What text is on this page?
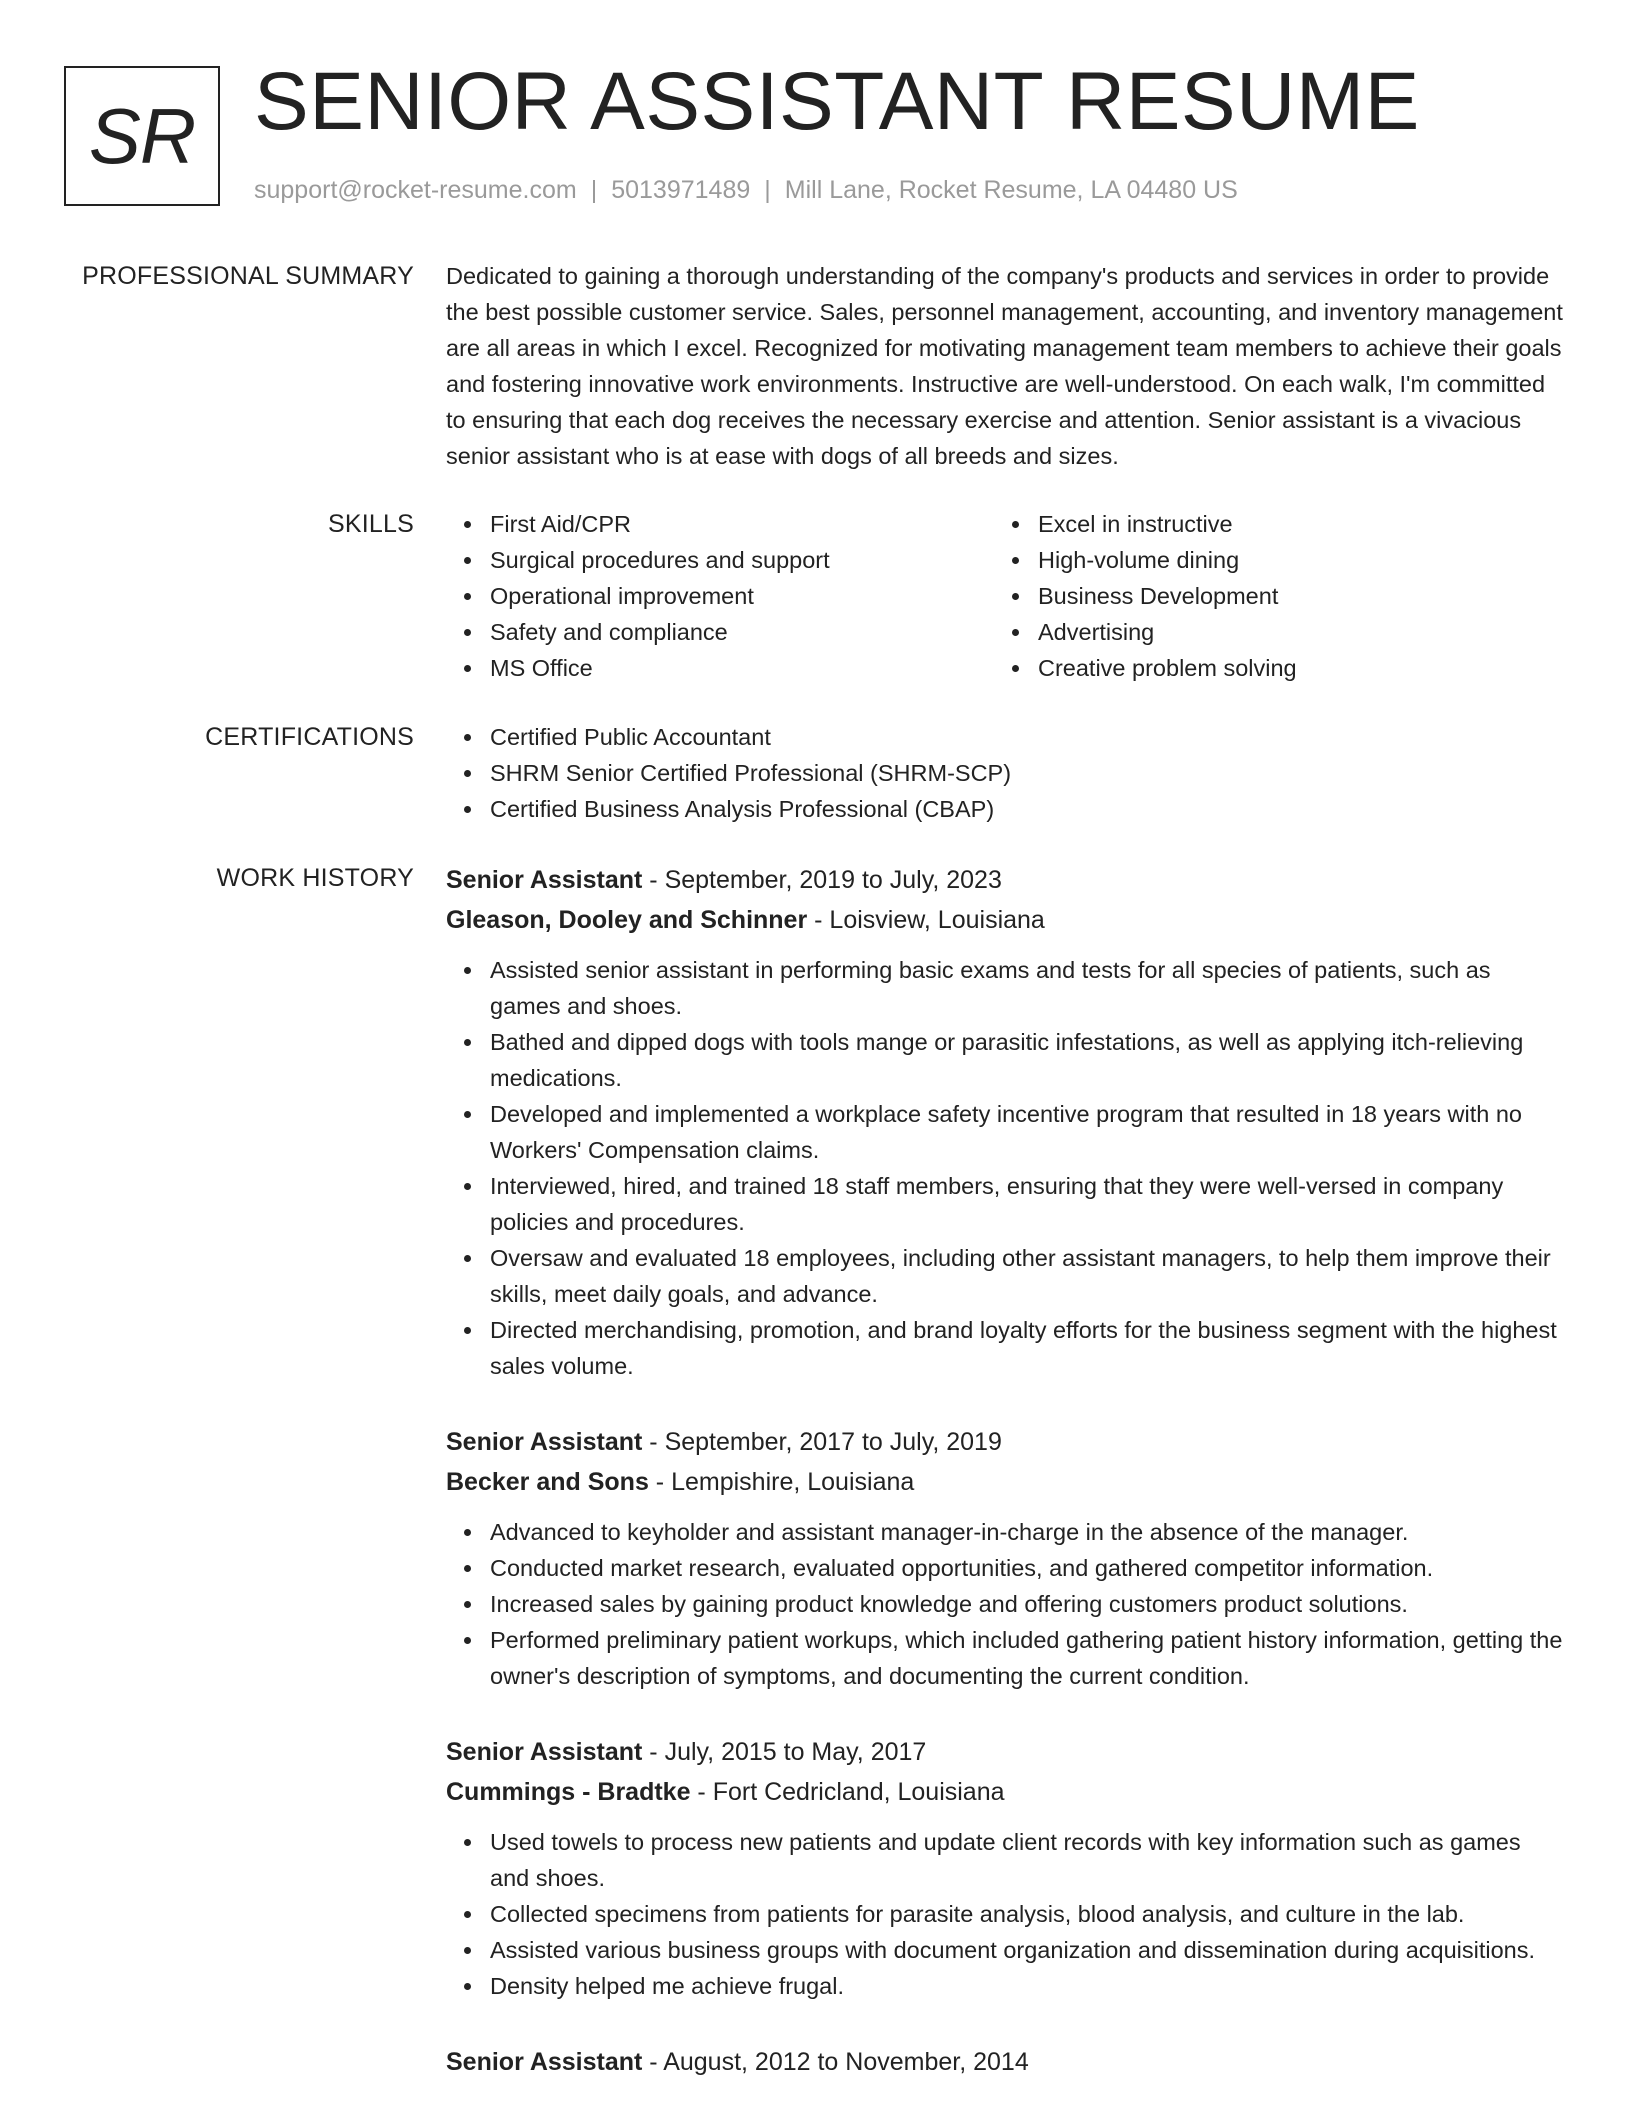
SR SENIOR ASSISTANT RESUME
support@rocket-resume.com | 5013971489 | Mill Lane, Rocket Resume, LA 04480 US
PROFESSIONAL SUMMARY Dedicated to gaining a thorough understanding of the company's products and services in order to provide the best possible customer service. Sales, personnel management, accounting, and inventory management are all areas in which I excel. Recognized for motivating management team members to achieve their goals and fostering innovative work environments. Instructive are well-understood. On each walk, I'm committed to ensuring that each dog receives the necessary exercise and attention. Senior assistant is a vivacious senior assistant who is at ease with dogs of all breeds and sizes.

SKILLS	First Aid/CPR
Surgical procedures and support
Operational improvement
Safety and compliance
MS Office
Excel in instructive
High-volume dining
Business Development
Advertising
Creative problem solving
CERTIFICATIONS	Certified Public Accountant
SHRM Senior Certified Professional (SHRM-SCP)
Certified Business Analysis Professional (CBAP)
WORK HISTORY Senior Assistant - September, 2019 to July, 2023
Gleason, Dooley and Schinner - Loisview, Louisiana
Assisted senior assistant in performing basic exams and tests for all species of patients, such as games and shoes.
Bathed and dipped dogs with tools mange or parasitic infestations, as well as applying itch-relieving medications.
Developed and implemented a workplace safety incentive program that resulted in 18 years with no Workers' Compensation claims.
Interviewed, hired, and trained 18 staff members, ensuring that they were well-versed in company policies and procedures.
Oversaw and evaluated 18 employees, including other assistant managers, to help them improve their skills, meet daily goals, and advance.
Directed merchandising, promotion, and brand loyalty efforts for the business segment with the highest sales volume.
Senior Assistant - September, 2017 to July, 2019
Becker and Sons - Lempishire, Louisiana
Advanced to keyholder and assistant manager-in-charge in the absence of the manager.
Conducted market research, evaluated opportunities, and gathered competitor information.
Increased sales by gaining product knowledge and offering customers product solutions.
Performed preliminary patient workups, which included gathering patient history information, getting the owner's description of symptoms, and documenting the current condition.
Senior Assistant - July, 2015 to May, 2017
Cummings - Bradtke - Fort Cedricland, Louisiana
Used towels to process new patients and update client records with key information such as games and shoes.
Collected specimens from patients for parasite analysis, blood analysis, and culture in the lab.
Assisted various business groups with document organization and dissemination during acquisitions.
Density helped me achieve frugal.
Senior Assistant - August, 2012 to November, 2014
